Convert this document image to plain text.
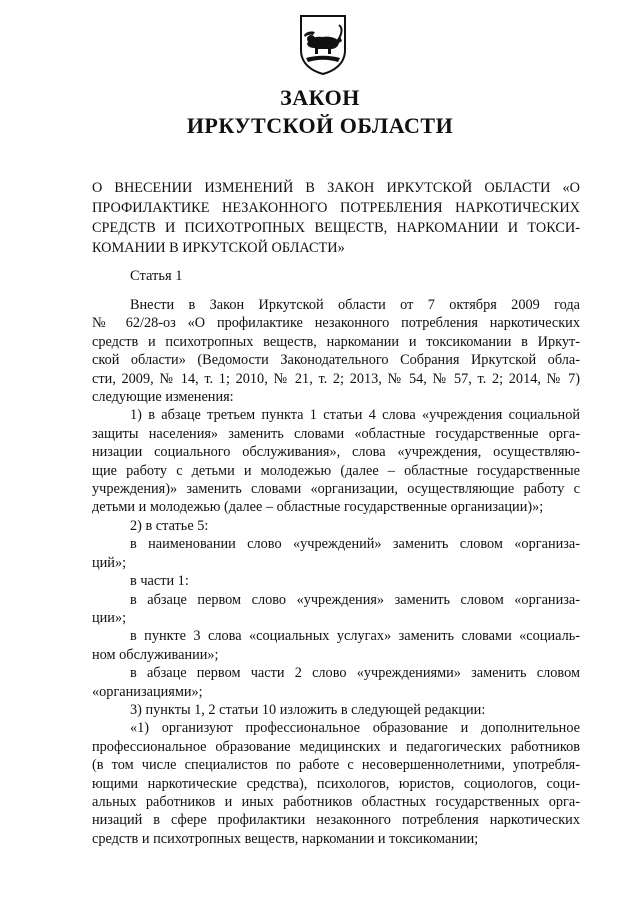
ЗАКОН
ИРКУТСКОЙ ОБЛАСТИ
О ВНЕСЕНИИ ИЗМЕНЕНИЙ В ЗАКОН ИРКУТСКОЙ ОБЛАСТИ «О
ПРОФИЛАКТИКЕ НЕЗАКОННОГО ПОТРЕБЛЕНИЯ НАРКОТИЧЕСКИХ
СРЕДСТВ И ПСИХОТРОПНЫХ ВЕЩЕСТВ, НАРКОМАНИИ И ТОКСИ-
КОМАНИИ В ИРКУТСКОЙ ОБЛАСТИ»
Статья 1
Внести в Закон Иркутской области от 7 октября 2009 года
№ 62/28-оз «О профилактике незаконного потребления наркотических
средств и психотропных веществ, наркомании и токсикомании в Иркут-
ской области» (Ведомости Законодательного Собрания Иркутской обла-
сти, 2009, № 14, т. 1; 2010, № 21, т. 2; 2013, № 54, № 57, т. 2; 2014, № 7)
следующие изменения:
1) в абзаце третьем пункта 1 статьи 4 слова «учреждения социальной
защиты населения» заменить словами «областные государственные орга-
низации социального обслуживания», слова «учреждения, осуществляю-
щие работу с детьми и молодежью (далее – областные государственные
учреждения)» заменить словами «организации, осуществляющие работу с
детьми и молодежью (далее – областные государственные организации)»;
2) в статье 5:
в наименовании слово «учреждений» заменить словом «организа-
ций»;
в части 1:
в абзаце первом слово «учреждения» заменить словом «организа-
ции»;
в пункте 3 слова «социальных услугах» заменить словами «социаль-
ном обслуживании»;
в абзаце первом части 2 слово «учреждениями» заменить словом
«организациями»;
3) пункты 1, 2 статьи 10 изложить в следующей редакции:
«1) организуют профессиональное образование и дополнительное
профессиональное образование медицинских и педагогических работников
(в том числе специалистов по работе с несовершеннолетними, употребля-
ющими наркотические средства), психологов, юристов, социологов, соци-
альных работников и иных работников областных государственных орга-
низаций в сфере профилактики незаконного потребления наркотических
средств и психотропных веществ, наркомании и токсикомании;
